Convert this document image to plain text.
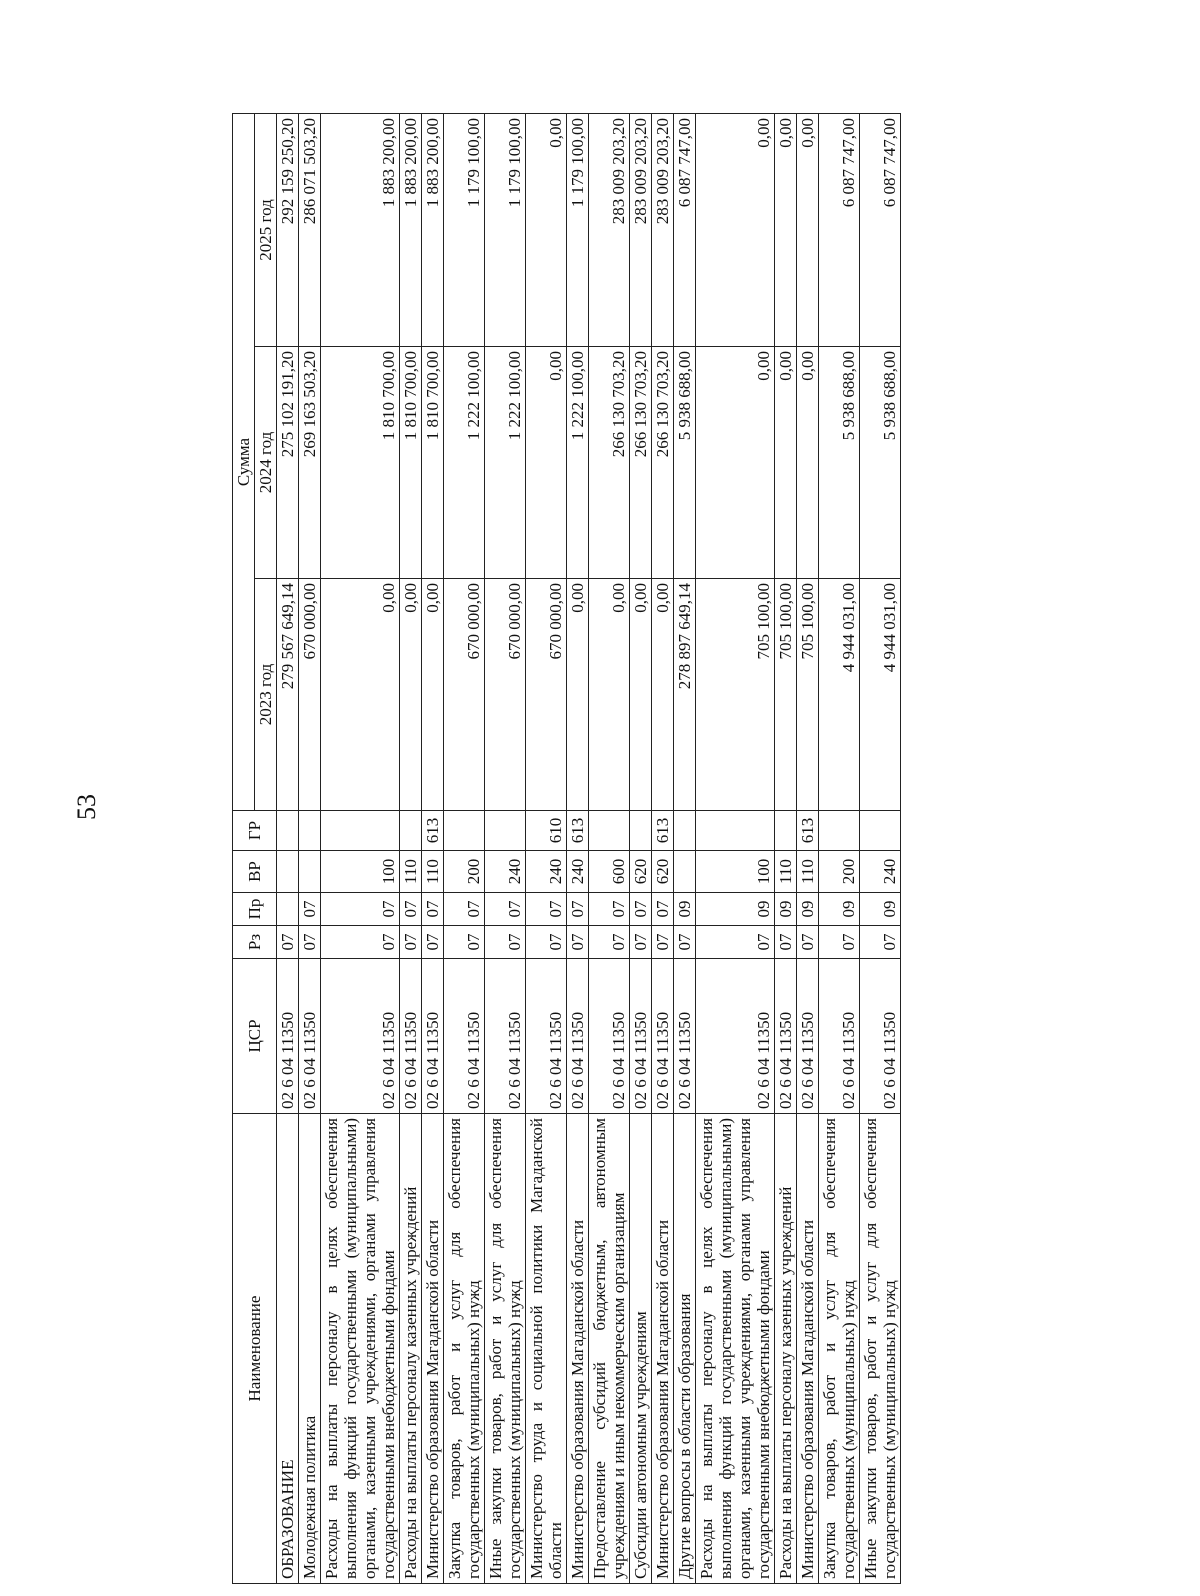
53
Наименование	ЦСР	Рз	Пр	ВР	ГР	Сумма		
						2023 год	2024 год	2025 год
ОБРАЗОВАНИЕ	02 6 04 11350	07				279 567 649,14	275 102 191,20	292 159 250,20
Молодежная политика	02 6 04 11350	07	07			670 000,00	269 163 503,20	286 071 503,20
Расходы на выплаты персоналу в целях обеспечения выполнения функций государственными (муниципальными) органами, казенными учреждениями, органами управления государственными внебюджетными фондами	02 6 04 11350	07	07	100		0,00	1 810 700,00	1 883 200,00
Расходы на выплаты персоналу казенных учреждений	02 6 04 11350	07	07	110		0,00	1 810 700,00	1 883 200,00
Министерство образования Магаданской области	02 6 04 11350	07	07	110	613	0,00	1 810 700,00	1 883 200,00
Закупка товаров, работ и услуг для обеспечения государственных (муниципальных) нужд	02 6 04 11350	07	07	200		670 000,00	1 222 100,00	1 179 100,00
Иные закупки товаров, работ и услуг для обеспечения государственных (муниципальных) нужд	02 6 04 11350	07	07	240		670 000,00	1 222 100,00	1 179 100,00
Министерство труда и социальной политики Магаданской области	02 6 04 11350	07	07	240	610	670 000,00	0,00	0,00
Министерство образования Магаданской области	02 6 04 11350	07	07	240	613	0,00	1 222 100,00	1 179 100,00
Предоставление субсидий бюджетным, автономным учреждениям и иным некоммерческим организациям	02 6 04 11350	07	07	600		0,00	266 130 703,20	283 009 203,20
Субсидии автономным учреждениям	02 6 04 11350	07	07	620		0,00	266 130 703,20	283 009 203,20
Министерство образования Магаданской области	02 6 04 11350	07	07	620	613	0,00	266 130 703,20	283 009 203,20
Другие вопросы в области образования	02 6 04 11350	07	09			278 897 649,14	5 938 688,00	6 087 747,00
Расходы на выплаты персоналу в целях обеспечения выполнения функций государственными (муниципальными) органами, казенными учреждениями, органами управления государственными внебюджетными фондами	02 6 04 11350	07	09	100		705 100,00	0,00	0,00
Расходы на выплаты персоналу казенных учреждений	02 6 04 11350	07	09	110		705 100,00	0,00	0,00
Министерство образования Магаданской области	02 6 04 11350	07	09	110	613	705 100,00	0,00	0,00
Закупка товаров, работ и услуг для обеспечения государственных (муниципальных) нужд	02 6 04 11350	07	09	200		4 944 031,00	5 938 688,00	6 087 747,00
Иные закупки товаров, работ и услуг для обеспечения государственных (муниципальных) нужд	02 6 04 11350	07	09	240		4 944 031,00	5 938 688,00	6 087 747,00
